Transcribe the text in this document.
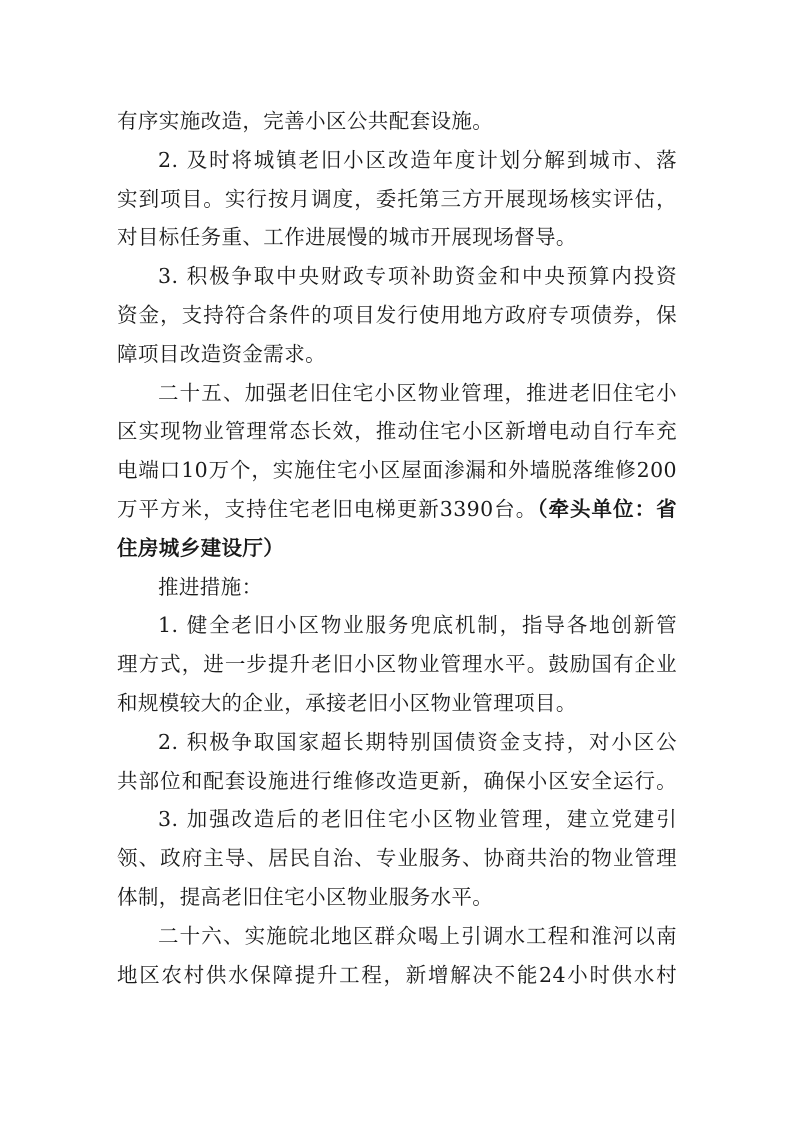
有序实施改造，完善小区公共配套设施。
2. 及时将城镇老旧小区改造年度计划分解到城市、落
实到项目。实行按月调度，委托第三方开展现场核实评估，
对目标任务重、工作进展慢的城市开展现场督导。
3. 积极争取中央财政专项补助资金和中央预算内投资
资金，支持符合条件的项目发行使用地方政府专项债券，保
障项目改造资金需求。
二十五、加强老旧住宅小区物业管理，推进老旧住宅小
区实现物业管理常态长效，推动住宅小区新增电动自行车充
电端口10万个，实施住宅小区屋面渗漏和外墙脱落维修200
万平方米，支持住宅老旧电梯更新3390台。（牵头单位：省
住房城乡建设厅）
推进措施：
1. 健全老旧小区物业服务兜底机制，指导各地创新管
理方式，进一步提升老旧小区物业管理水平。鼓励国有企业
和规模较大的企业，承接老旧小区物业管理项目。
2. 积极争取国家超长期特别国债资金支持，对小区公
共部位和配套设施进行维修改造更新，确保小区安全运行。
3. 加强改造后的老旧住宅小区物业管理，建立党建引
领、政府主导、居民自治、专业服务、协商共治的物业管理
体制，提高老旧住宅小区物业服务水平。
二十六、实施皖北地区群众喝上引调水工程和淮河以南
地区农村供水保障提升工程，新增解决不能24小时供水村
